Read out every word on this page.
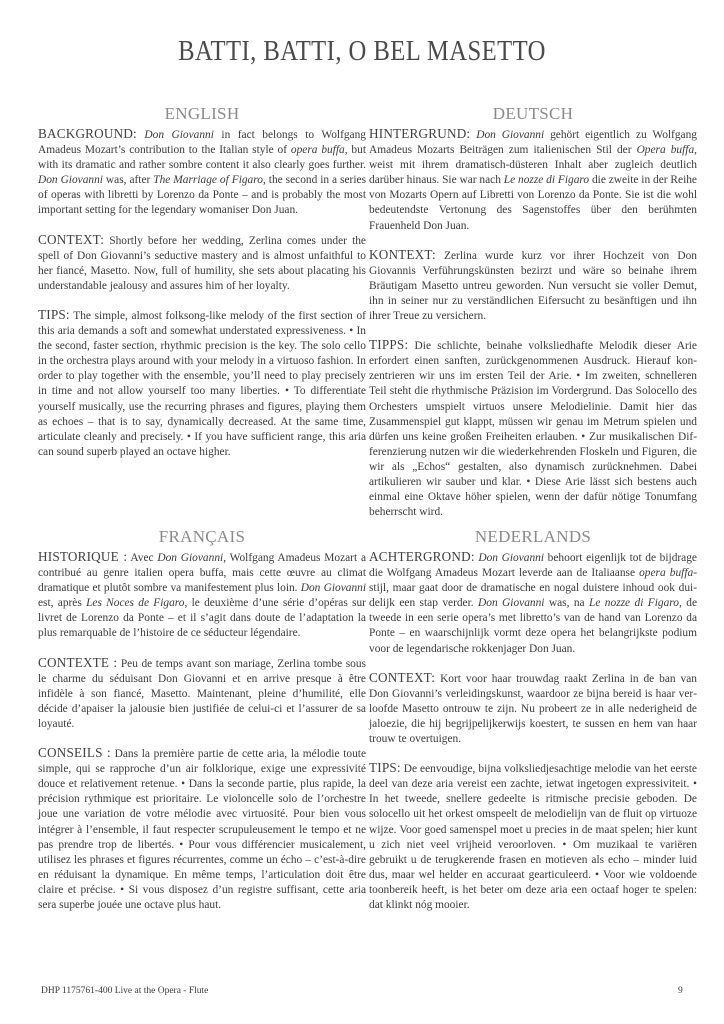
BATTI, BATTI, O BEL MASETTO
ENGLISH

BACKGROUND: Don Giovanni in fact belongs to Wolfgang Amadeus Mozart’s contribution to the Italian style of opera buffa, but with its dramatic and rather sombre content it also clearly goes further. Don Giovanni was, after The Marriage of Figaro, the second in a series of operas with libretti by Lorenzo da Ponte – and is probably the most important setting for the legendary womaniser Don Juan.

CONTEXT: Shortly before her wedding, Zerlina comes under the spell of Don Giovanni’s seductive mastery and is almost unfaithful to her fiancé, Masetto. Now, full of humility, she sets about placating his understandable jealousy and assures him of her loyalty.

TIPS: The simple, almost folksong-like melody of the first section of this aria demands a soft and somewhat understated expressiveness. • In the second, faster section, rhythmic precision is the key. The solo cello in the orchestra plays around with your melody in a virtuoso fashion. In order to play together with the ensemble, you’ll need to play precisely in time and not allow yourself too many liberties. • To differentiate yourself musically, use the recurring phrases and figures, playing them as echoes – that is to say, dynamically decreased. At the same time, articulate cleanly and precisely. • If you have sufficient range, this aria can sound superb played an octave higher.

DEUTSCH

HINTERGRUND: Don Giovanni gehört eigentlich zu Wolfgang Amadeus Mozarts Beiträgen zum italienischen Stil der Opera buffa, weist mit ihrem dramatisch-düsteren Inhalt aber zugleich deutlich darüber hinaus. Sie war nach Le nozze di Figaro die zweite in der Reihe von Mozarts Opern auf Libretti von Lorenzo da Ponte. Sie ist die wohl bedeutendste Vertonung des Sagenstoffes über den berühmten Frauenheld Don Juan.

KONTEXT: Zerlina wurde kurz vor ihrer Hochzeit von Don Giovannis Verführungskünsten bezirzt und wäre so beinahe ihrem Bräutigam Masetto untreu geworden. Nun versucht sie voller Demut, ihn in seiner nur zu verständlichen Eifersucht zu besänftigen und ihn ihrer Treue zu versichern.

TIPPS: Die schlichte, beinahe volksliedhafte Melodik dieser Arie erfordert einen sanften, zurückgenommenen Ausdruck. Hierauf konzentrieren wir uns im ersten Teil der Arie. • Im zweiten, schnelleren Teil steht die rhythmische Präzision im Vordergrund. Das Solocello des Orchesters umspielt virtuos unsere Melodielinie. Damit hier das Zusammenspiel gut klappt, müssen wir genau im Metrum spielen und dürfen uns keine großen Freiheiten erlauben. • Zur musikalischen Differenzierung nutzen wir die wiederkehrenden Floskeln und Figuren, die wir als „Echos“ gestalten, also dynamisch zurücknehmen. Dabei artikulieren wir sauber und klar. • Diese Arie lässt sich bestens auch einmal eine Oktave höher spielen, wenn der dafür nötige Tonumfang beherrscht wird.

FRANÇAIS

HISTORIQUE : Avec Don Giovanni, Wolfgang Amadeus Mozart a contribué au genre italien opera buffa, mais cette œuvre au climat dramatique et plutôt sombre va manifestement plus loin. Don Giovanni est, après Les Noces de Figaro, le deuxième d’une série d’opéras sur livret de Lorenzo da Ponte – et il s’agit dans doute de l’adaptation la plus remarquable de l’histoire de ce séducteur légendaire.

CONTEXTE : Peu de temps avant son mariage, Zerlina tombe sous le charme du séduisant Don Giovanni et en arrive presque à être infidèle à son fiancé, Masetto. Maintenant, pleine d’humilité, elle décide d’apaiser la jalousie bien justifiée de celui-ci et l’assurer de sa loyauté.

CONSEILS : Dans la première partie de cette aria, la mélodie toute simple, qui se rapproche d’un air folklorique, exige une expressivité douce et relativement retenue. • Dans la seconde partie, plus rapide, la précision rythmique est prioritaire. Le violoncelle solo de l’orchestre joue une variation de votre mélodie avec virtuosité. Pour bien vous intégrer à l’ensemble, il faut respecter scrupuleusement le tempo et ne pas prendre trop de libertés. • Pour vous différencier musicalement, utilisez les phrases et figures récurrentes, comme un écho – c’est-à-dire en réduisant la dynamique. En même temps, l’articulation doit être claire et précise. • Si vous disposez d’un registre suffisant, cette aria sera superbe jouée une octave plus haut.

NEDERLANDS

ACHTERGROND: Don Giovanni behoort eigenlijk tot de bijdrage die Wolfgang Amadeus Mozart leverde aan de Italiaanse opera buffa-stijl, maar gaat door de dramatische en nogal duistere inhoud ook duidelijk een stap verder. Don Giovanni was, na Le nozze di Figaro, de tweede in een serie opera’s met libretto’s van de hand van Lorenzo da Ponte – en waarschijnlijk vormt deze opera het belangrijkste podium voor de legendarische rokkenjager Don Juan.

CONTEXT: Kort voor haar trouwdag raakt Zerlina in de ban van Don Giovanni’s verleidingskunst, waardoor ze bijna bereid is haar verloofde Masetto ontrouw te zijn. Nu probeert ze in alle nederigheid de jaloezie, die hij begrijpelijkerwijs koestert, te sussen en hem van haar trouw te overtuigen.

TIPS: De eenvoudige, bijna volksliedjesachtige melodie van het eerste deel van deze aria vereist een zachte, ietwat ingetogen expressiviteit. • In het tweede, snellere gedeelte is ritmische precisie geboden. De solocello uit het orkest omspeelt de melodielijn van de fluit op virtuoze wijze. Voor goed samenspel moet u precies in de maat spelen; hier kunt u zich niet veel vrijheid veroorloven. • Om muzikaal te variëren gebruikt u de terugkerende frasen en motieven als echo – minder luid dus, maar wel helder en accuraat gearticuleerd. • Voor wie voldoende toonbereik heeft, is het beter om deze aria een octaaf hoger te spelen: dat klinkt nóg mooier.

DHP 1175761-400 Live at the Opera - Flute	9
